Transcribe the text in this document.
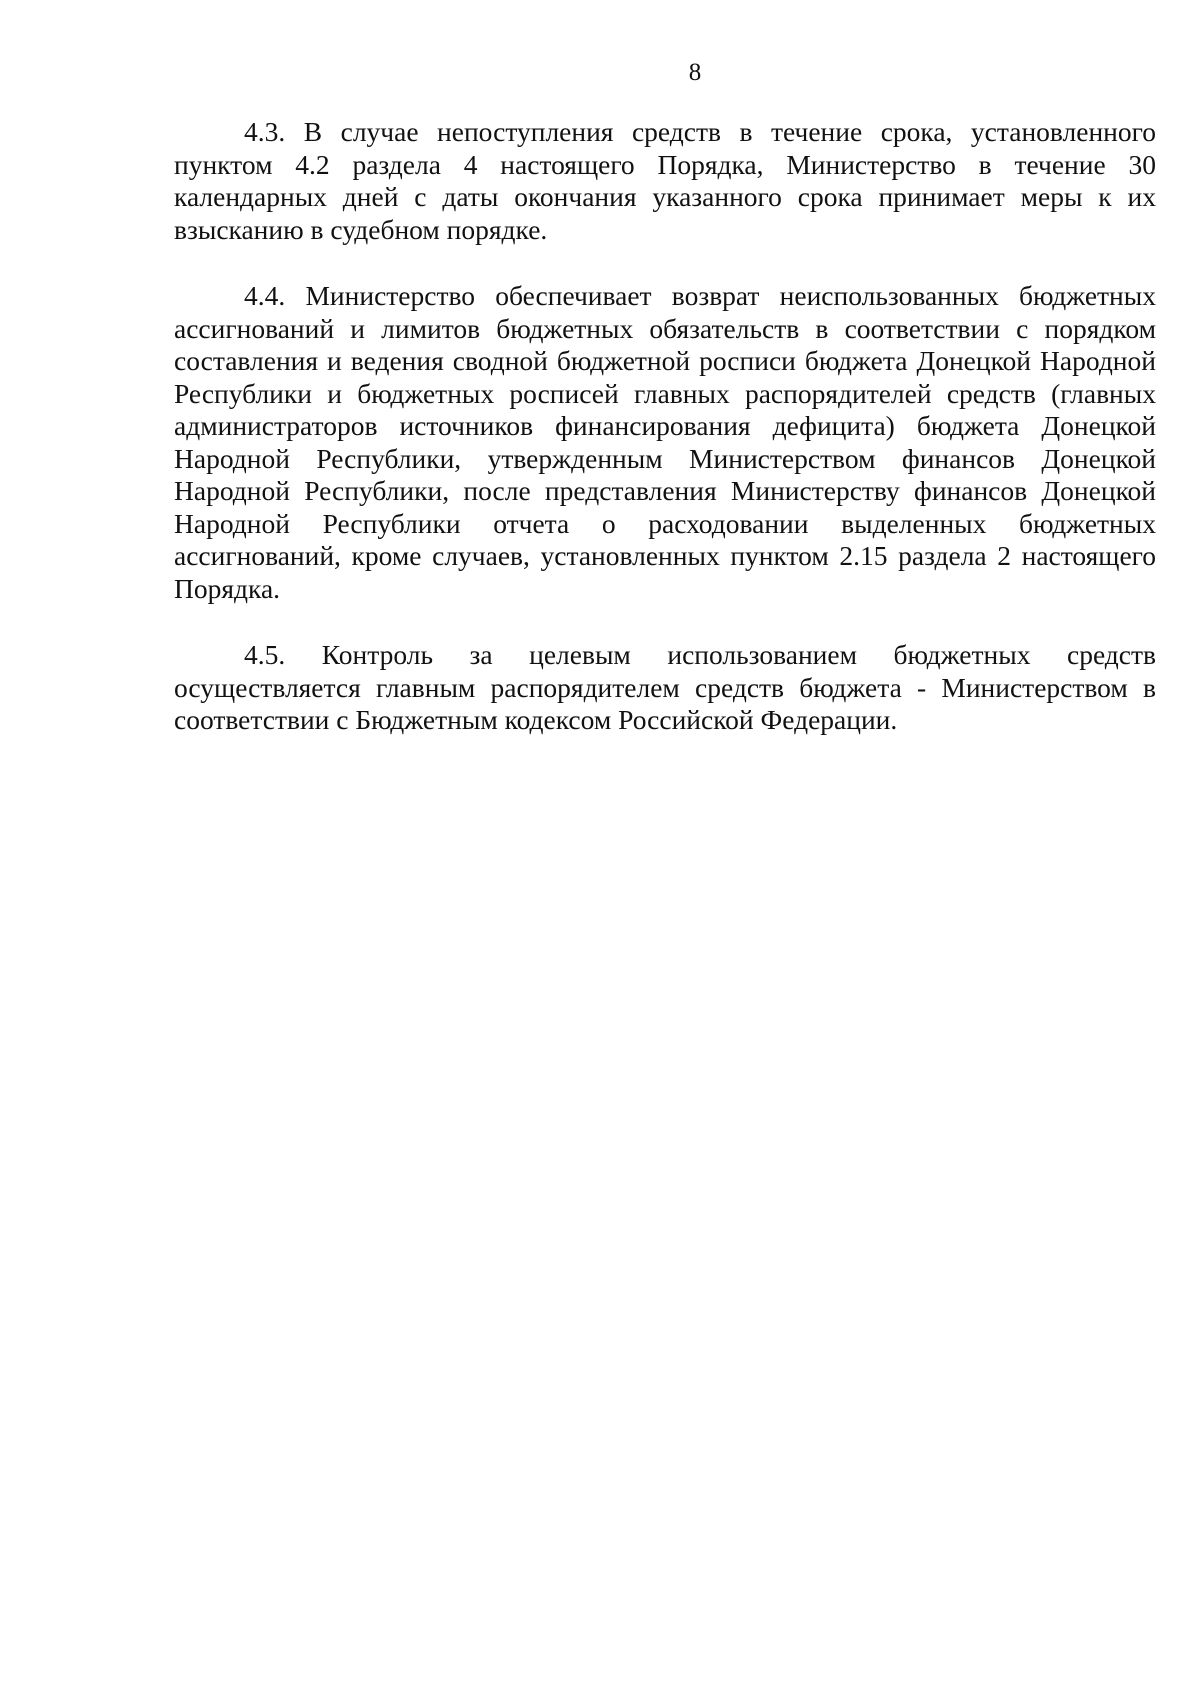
8

4.3. В случае непоступления средств в течение срока, установленного пунктом 4.2 раздела 4 настоящего Порядка, Министерство в течение 30 календарных дней с даты окончания указанного срока принимает меры к их взысканию в судебном порядке.

4.4. Министерство обеспечивает возврат неиспользованных бюджетных ассигнований и лимитов бюджетных обязательств в соответствии с порядком составления и ведения сводной бюджетной росписи бюджета Донецкой Народной Республики и бюджетных росписей главных распорядителей средств (главных администраторов источников финансирования дефицита) бюджета Донецкой Народной Республики, утвержденным Министерством финансов Донецкой Народной Республики, после представления Министерству финансов Донецкой Народной Республики отчета о расходовании выделенных бюджетных ассигнований, кроме случаев, установленных пунктом 2.15 раздела 2 настоящего Порядка.

4.5. Контроль за целевым использованием бюджетных средств осуществляется главным распорядителем средств бюджета - Министерством в соответствии с Бюджетным кодексом Российской Федерации.
